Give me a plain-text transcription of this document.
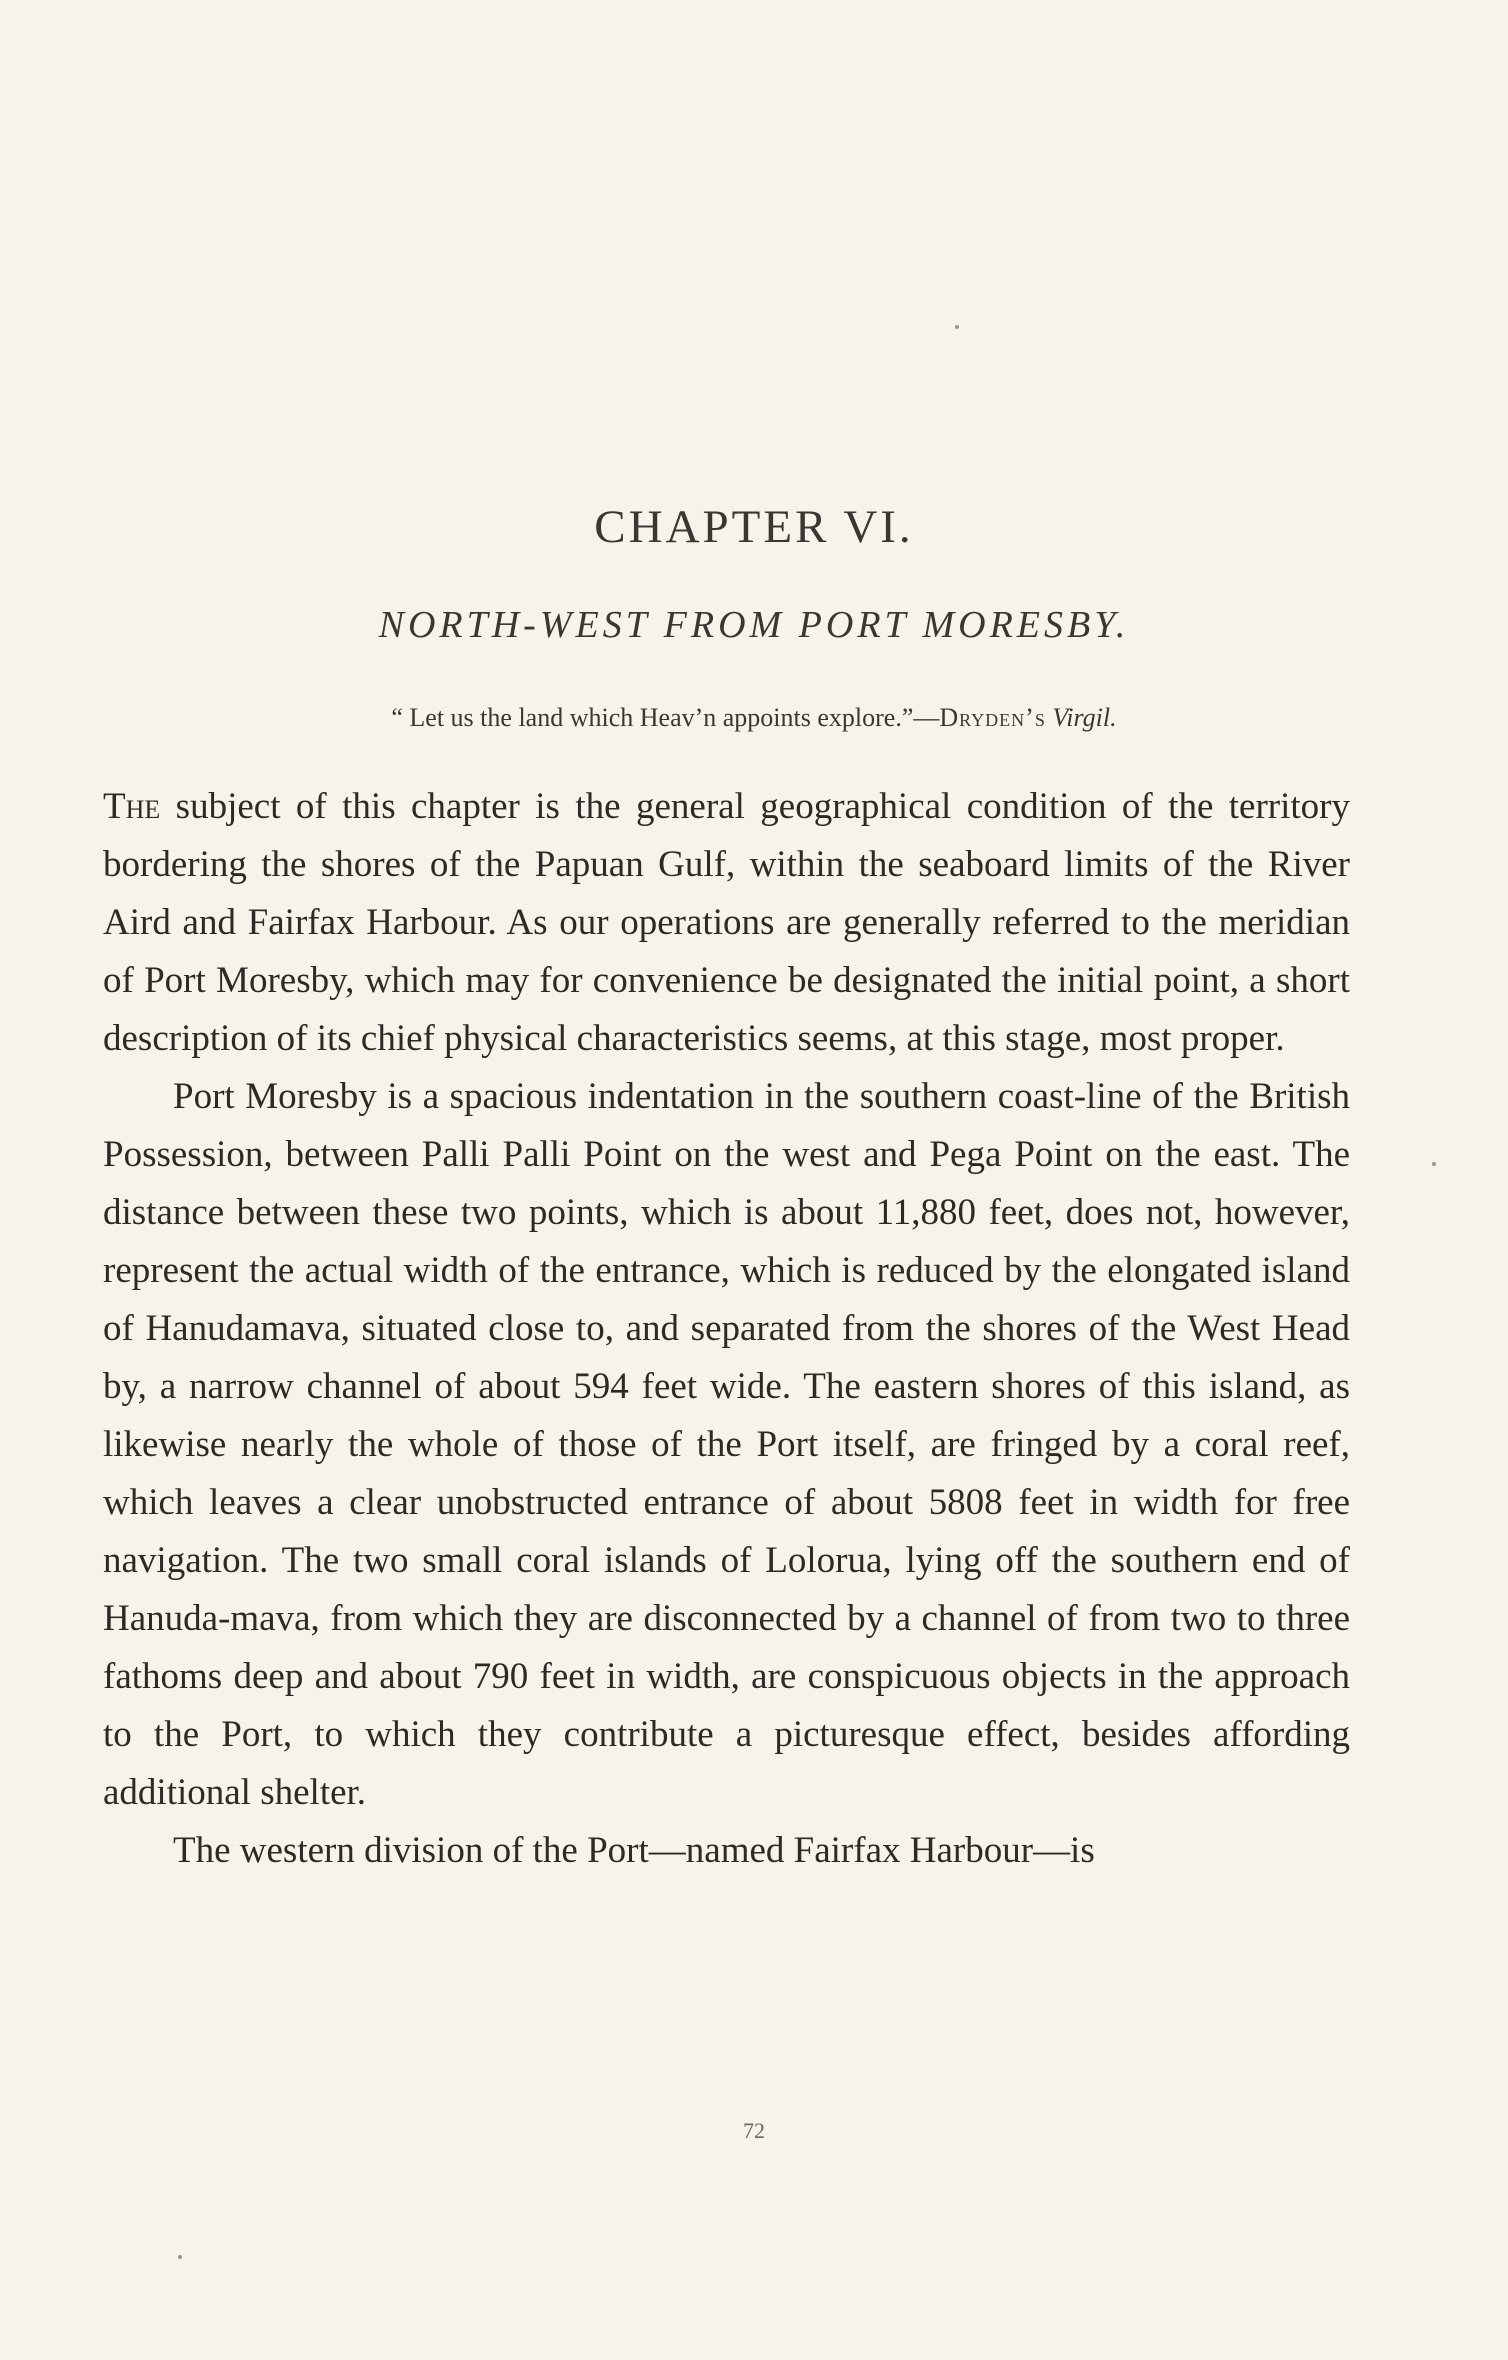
CHAPTER VI.
NORTH-WEST FROM PORT MORESBY.
“ Let us the land which Heav’n appoints explore.”—Dryden’s Virgil.

The subject of this chapter is the general geographical condition of the territory bordering the shores of the Papuan Gulf, within the seaboard limits of the River Aird and Fairfax Harbour. As our operations are generally referred to the meridian of Port Moresby, which may for convenience be designated the initial point, a short description of its chief physical characteristics seems, at this stage, most proper.

Port Moresby is a spacious indentation in the southern coast-line of the British Possession, between Palli Palli Point on the west and Pega Point on the east. The distance between these two points, which is about 11,880 feet, does not, however, represent the actual width of the entrance, which is reduced by the elongated island of Hanudamava, situated close to, and separated from the shores of the West Head by, a narrow channel of about 594 feet wide. The eastern shores of this island, as likewise nearly the whole of those of the Port itself, are fringed by a coral reef, which leaves a clear unobstructed entrance of about 5808 feet in width for free navigation. The two small coral islands of Lolorua, lying off the southern end of Hanuda-mava, from which they are disconnected by a channel of from two to three fathoms deep and about 790 feet in width, are conspicuous objects in the approach to the Port, to which they contribute a picturesque effect, besides affording additional shelter.

The western division of the Port—named Fairfax Harbour—is

72
